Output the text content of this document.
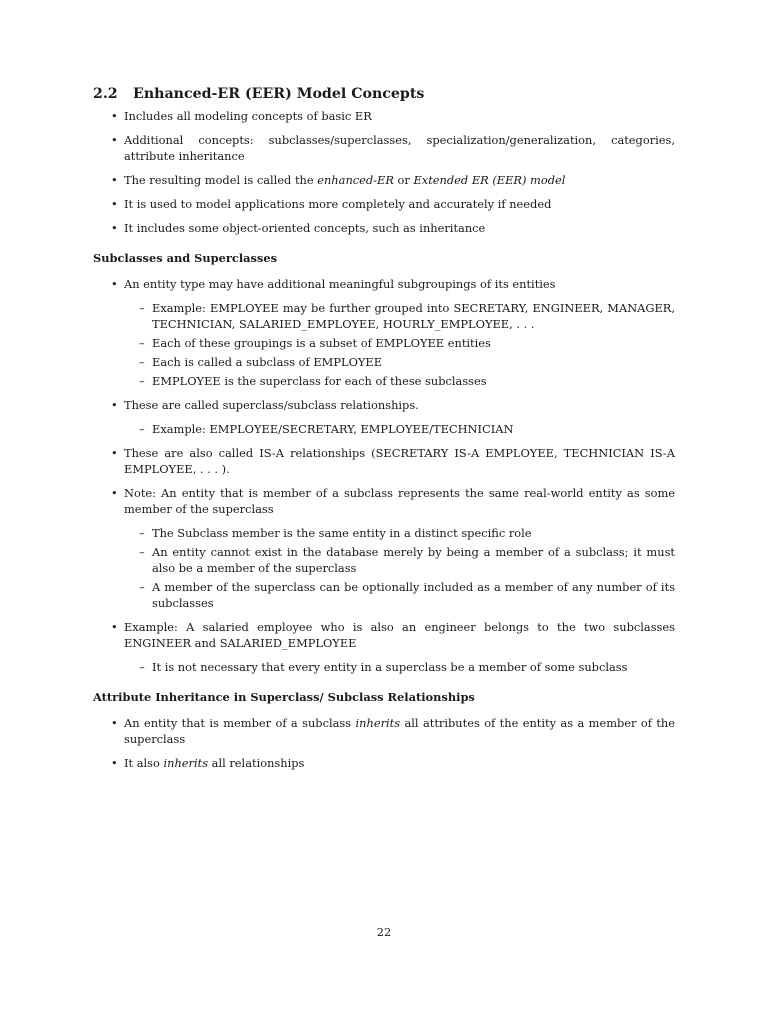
2.2 Enhanced-ER (EER) Model Concepts
• Includes all modeling concepts of basic ER
• Additional concepts: subclasses/superclasses, specialization/generalization, categories, attribute inheritance
• The resulting model is called the enhanced-ER or Extended ER (EER) model
• It is used to model applications more completely and accurately if needed
• It includes some object-oriented concepts, such as inheritance
Subclasses and Superclasses
• An entity type may have additional meaningful subgroupings of its entities
– Example: EMPLOYEE may be further grouped into SECRETARY, ENGINEER, MANAGER, TECHNICIAN, SALARIED_EMPLOYEE, HOURLY_EMPLOYEE, . . .
– Each of these groupings is a subset of EMPLOYEE entities
– Each is called a subclass of EMPLOYEE
– EMPLOYEE is the superclass for each of these subclasses
• These are called superclass/subclass relationships.
– Example: EMPLOYEE/SECRETARY, EMPLOYEE/TECHNICIAN
• These are also called IS-A relationships (SECRETARY IS-A EMPLOYEE, TECHNICIAN IS-A EMPLOYEE, . . . ).
• Note: An entity that is member of a subclass represents the same real-world entity as some member of the superclass
– The Subclass member is the same entity in a distinct specific role
– An entity cannot exist in the database merely by being a member of a subclass; it must also be a member of the superclass
– A member of the superclass can be optionally included as a member of any number of its subclasses
• Example: A salaried employee who is also an engineer belongs to the two subclasses ENGINEER and SALARIED_EMPLOYEE
– It is not necessary that every entity in a superclass be a member of some subclass
Attribute Inheritance in Superclass/ Subclass Relationships
• An entity that is member of a subclass inherits all attributes of the entity as a member of the superclass
• It also inherits all relationships
22
